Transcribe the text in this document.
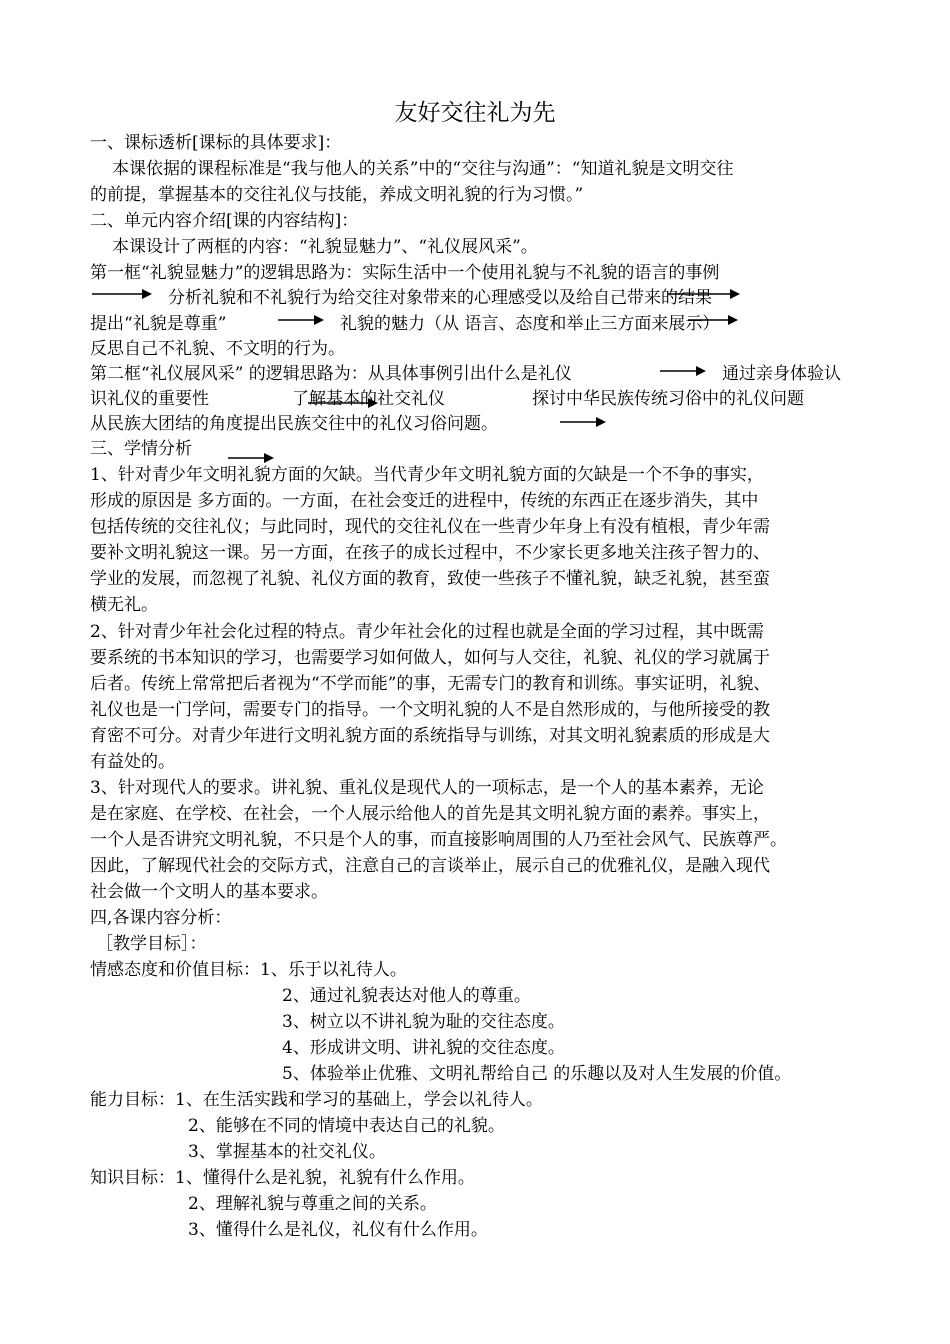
友好交往礼为先
一、课标透析[课标的具体要求]：
本课依据的课程标准是“我与他人的关系”中的“交往与沟通”：“知道礼貌是文明交往
的前提，掌握基本的交往礼仪与技能，养成文明礼貌的行为习惯。”
二、单元内容介绍[课的内容结构]：
本课设计了两框的内容：“礼貌显魅力”、“礼仪展风采”。
第一框“礼貌显魅力”的逻辑思路为：实际生活中一个使用礼貌与不礼貌的语言的事例
分析礼貌和不礼貌行为给交往对象带来的心理感受以及给自己带来的结果
提出“礼貌是尊重”	礼貌的魅力（从 语言、态度和举止三方面来展示）
反思自己不礼貌、不文明的行为。
第二框“礼仪展风采” 的逻辑思路为：从具体事例引出什么是礼仪	通过亲身体验认
识礼仪的重要性	了解基本的社交礼仪	探讨中华民族传统习俗中的礼仪问题
从民族大团结的角度提出民族交往中的礼仪习俗问题。
三、学情分析
1、针对青少年文明礼貌方面的欠缺。当代青少年文明礼貌方面的欠缺是一个不争的事实，
形成的原因是 多方面的。一方面，在社会变迁的进程中，传统的东西正在逐步消失，其中
包括传统的交往礼仪；与此同时，现代的交往礼仪在一些青少年身上有没有植根，青少年需
要补文明礼貌这一课。另一方面，在孩子的成长过程中，不少家长更多地关注孩子智力的、
学业的发展，而忽视了礼貌、礼仪方面的教育，致使一些孩子不懂礼貌，缺乏礼貌，甚至蛮
横无礼。
2、针对青少年社会化过程的特点。青少年社会化的过程也就是全面的学习过程，其中既需
要系统的书本知识的学习，也需要学习如何做人，如何与人交往，礼貌、礼仪的学习就属于
后者。传统上常常把后者视为“不学而能”的事，无需专门的教育和训练。事实证明，礼貌、
礼仪也是一门学问，需要专门的指导。一个文明礼貌的人不是自然形成的，与他所接受的教
育密不可分。对青少年进行文明礼貌方面的系统指导与训练，对其文明礼貌素质的形成是大
有益处的。
3、针对现代人的要求。讲礼貌、重礼仪是现代人的一项标志，是一个人的基本素养，无论
是在家庭、在学校、在社会，一个人展示给他人的首先是其文明礼貌方面的素养。事实上，
一个人是否讲究文明礼貌，不只是个人的事，而直接影响周围的人乃至社会风气、民族尊严。
因此，了解现代社会的交际方式，注意自己的言谈举止，展示自己的优雅礼仪，是融入现代
社会做一个文明人的基本要求。
四,各课内容分析：
［教学目标］：
情感态度和价值目标：1、乐于以礼待人。
2、通过礼貌表达对他人的尊重。
3、树立以不讲礼貌为耻的交往态度。
4、形成讲文明、讲礼貌的交往态度。
5、体验举止优雅、文明礼帮给自己 的乐趣以及对人生发展的价值。
能力目标：1、在生活实践和学习的基础上，学会以礼待人。
2、能够在不同的情境中表达自己的礼貌。
3、掌握基本的社交礼仪。
知识目标：1、懂得什么是礼貌，礼貌有什么作用。
2、理解礼貌与尊重之间的关系。
3、懂得什么是礼仪，礼仪有什么作用。
